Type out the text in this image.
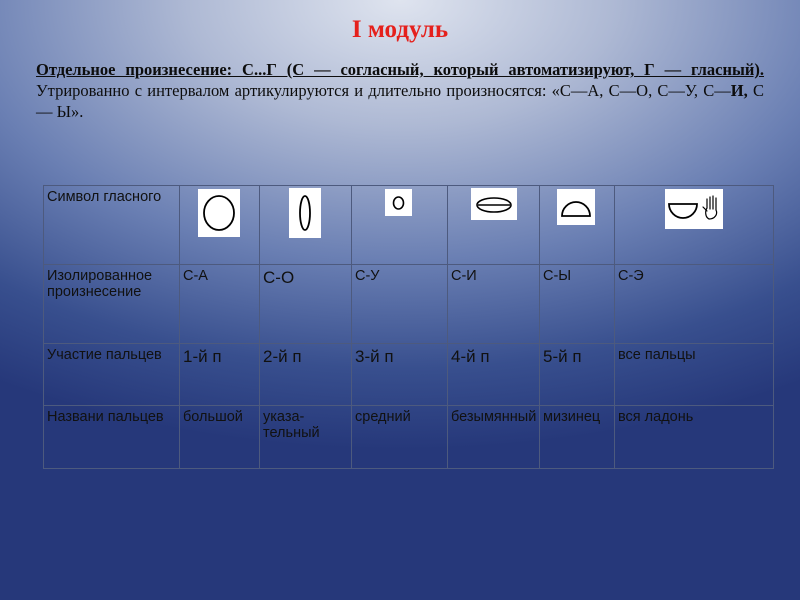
I модуль
Отдельное произнесение: С...Г (С — согласный, который автоматизируют, Г — гласный). Утрированно с интервалом артикулируются и длительно произносятся: «С—А, С—О, С—У, С—И, С— Ы».
Символ гласного						
Изолированное произнесение	С-А	С-О	С-У	С-И	С-Ы	С-Э
Участие пальцев	1-й п	2-й п	3-й п	4-й п	5-й п	все пальцы
Названи пальцев	большой	указа-тельный	средний	безымянный	мизинец	вся ладонь
